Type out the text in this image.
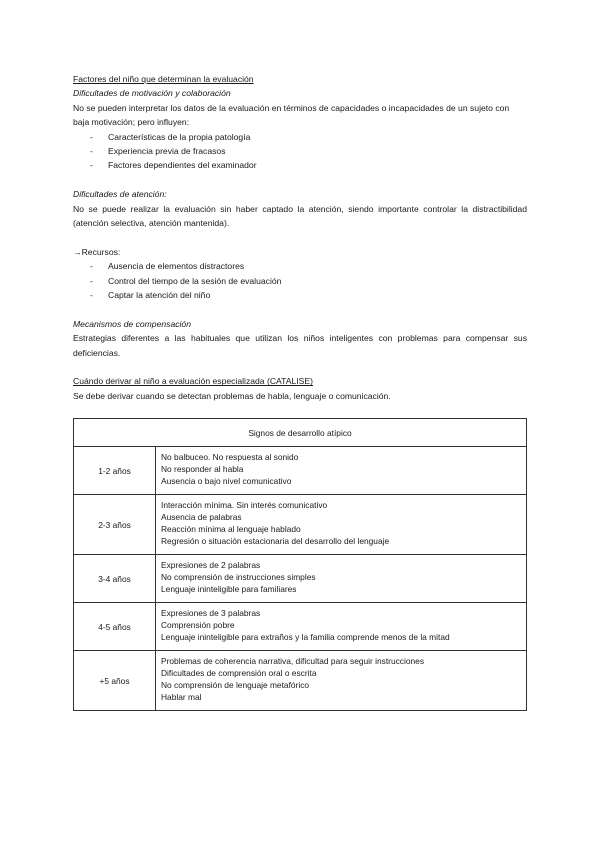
Factores del niño que determinan la evaluación

Dificultades de motivación y colaboración

No se pueden interpretar los datos de la evaluación en términos de capacidades o incapacidades de un sujeto con baja motivación; pero influyen:

- Características de la propia patología
- Experiencia previa de fracasos
- Factores dependientes del examinador

Dificultades de atención:

No se puede realizar la evaluación sin haber captado la atención, siendo importante controlar la distractibilidad (atención selectiva, atención mantenida).

→Recursos:

- Ausencia de elementos distractores
- Control del tiempo de la sesión de evaluación
- Captar la atención del niño

Mecanismos de compensación

Estrategias diferentes a las habituales que utilizan los niños inteligentes con problemas para compensar sus deficiencias.

Cuándo derivar al niño a evaluación especializada (CATALISE)

Se debe derivar cuando se detectan problemas de habla, lenguaje o comunicación.

Signos de desarrollo atípico	
1-2 años	No balbuceo. No respuesta al sonido
No responder al habla
Ausencia o bajo nivel comunicativo

2-3 años	Interacción mínima. Sin interés comunicativo
Ausencia de palabras
Reacción mínima al lenguaje hablado
Regresión o situación estacionaria del desarrollo del lenguaje

3-4 años	Expresiones de 2 palabras
No comprensión de instrucciones simples
Lenguaje ininteligible para familiares

4-5 años	Expresiones de 3 palabras
Comprensión pobre
Lenguaje ininteligible para extraños y la familia comprende menos de la mitad

+5 años	Problemas de coherencia narrativa, dificultad para seguir instrucciones
Dificultades de comprensión oral o escrita
No comprensión de lenguaje metafórico
Hablar mal
